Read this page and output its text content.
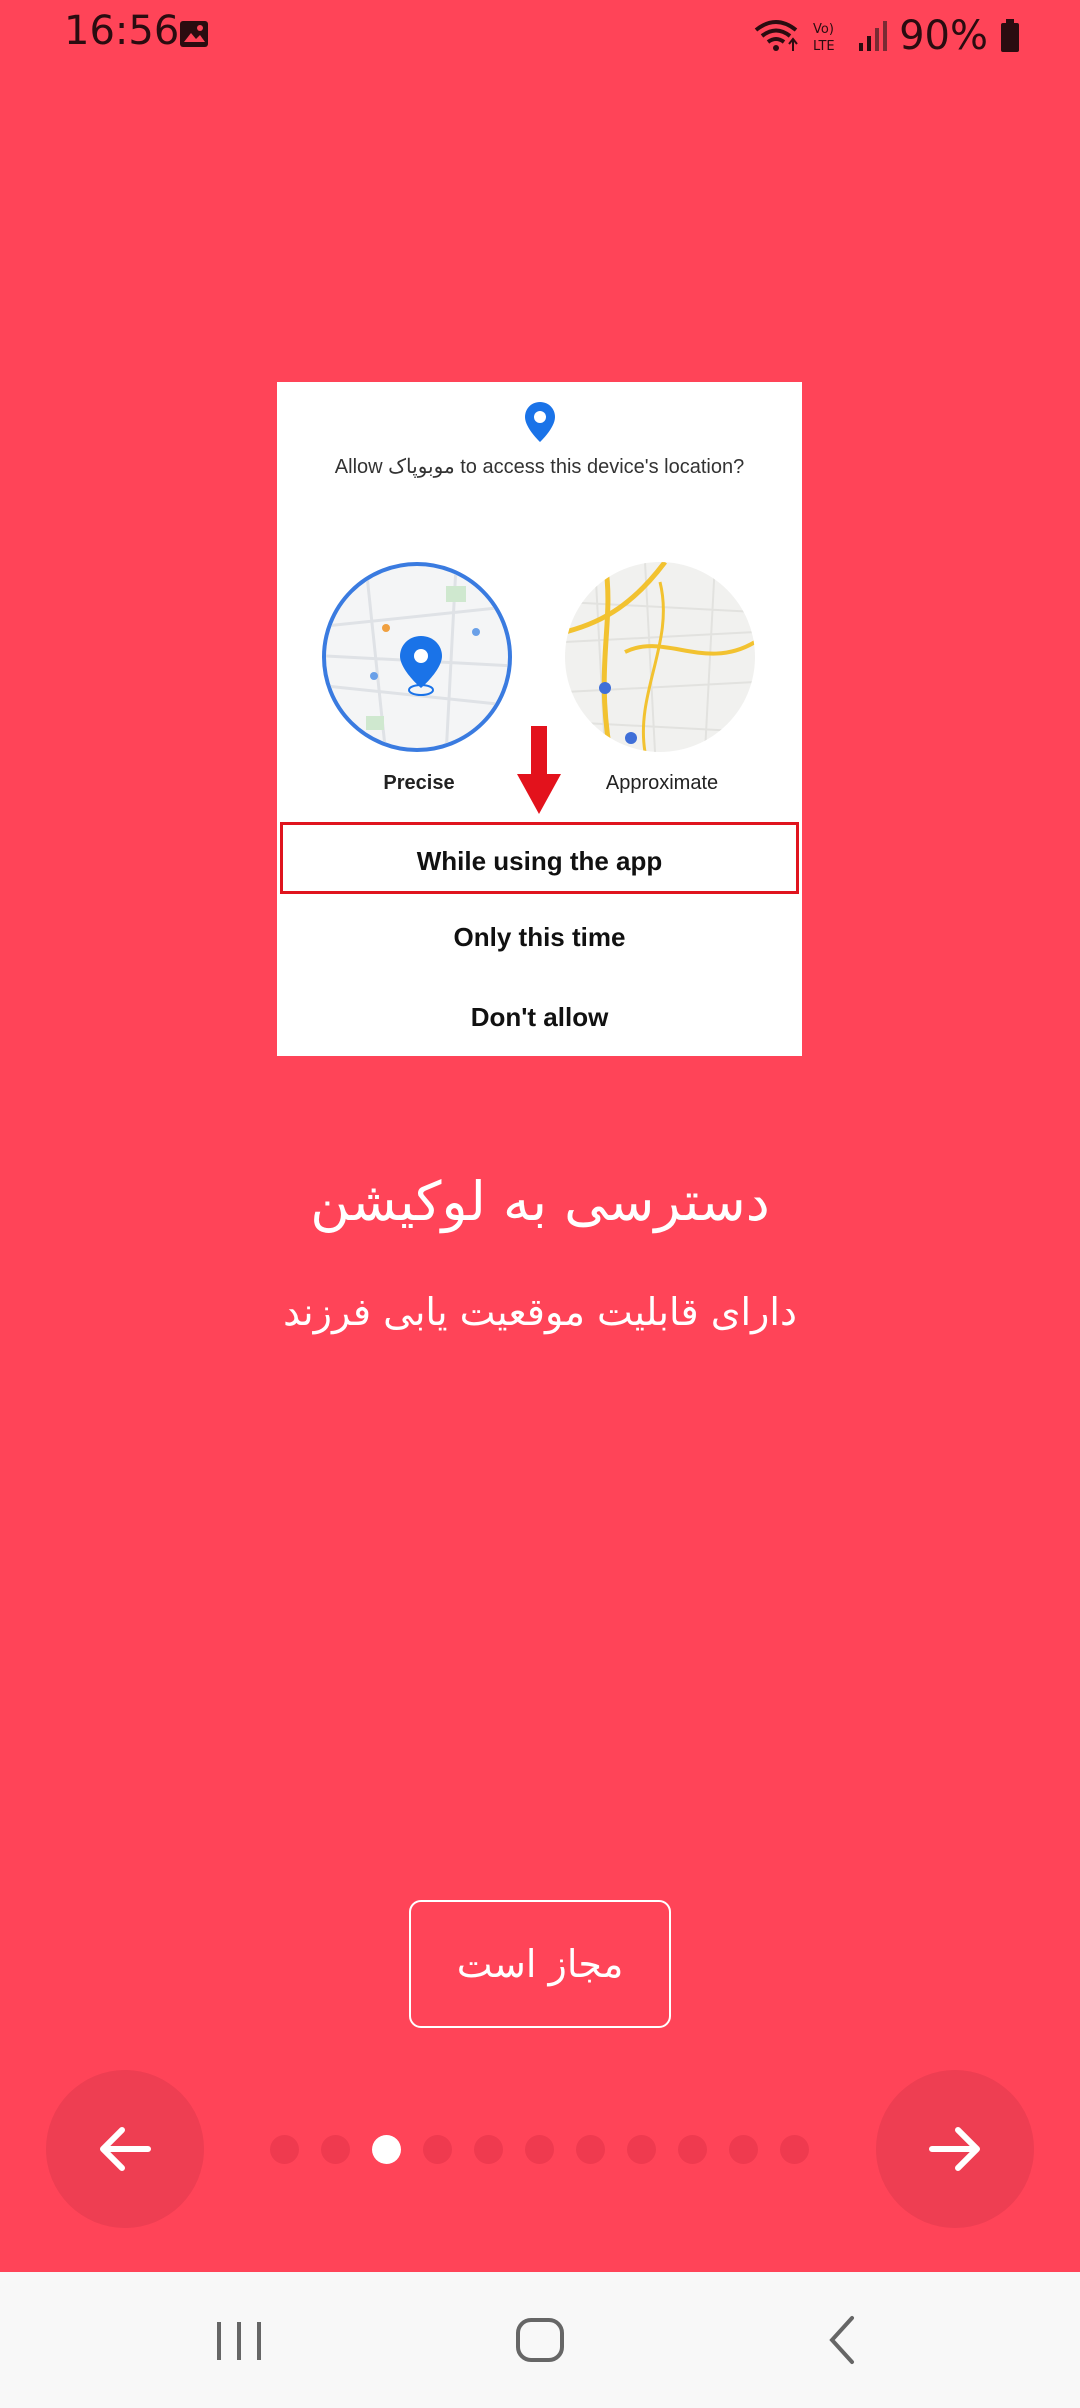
16:56	Vo)
LTE 90%
Allow موبوپاک to access this device's location?
Precise	Approximate
While using the app
Only this time
Don't allow
دسترسی به لوکیشن
دارای قابلیت موقعیت یابی فرزند
مجاز است
